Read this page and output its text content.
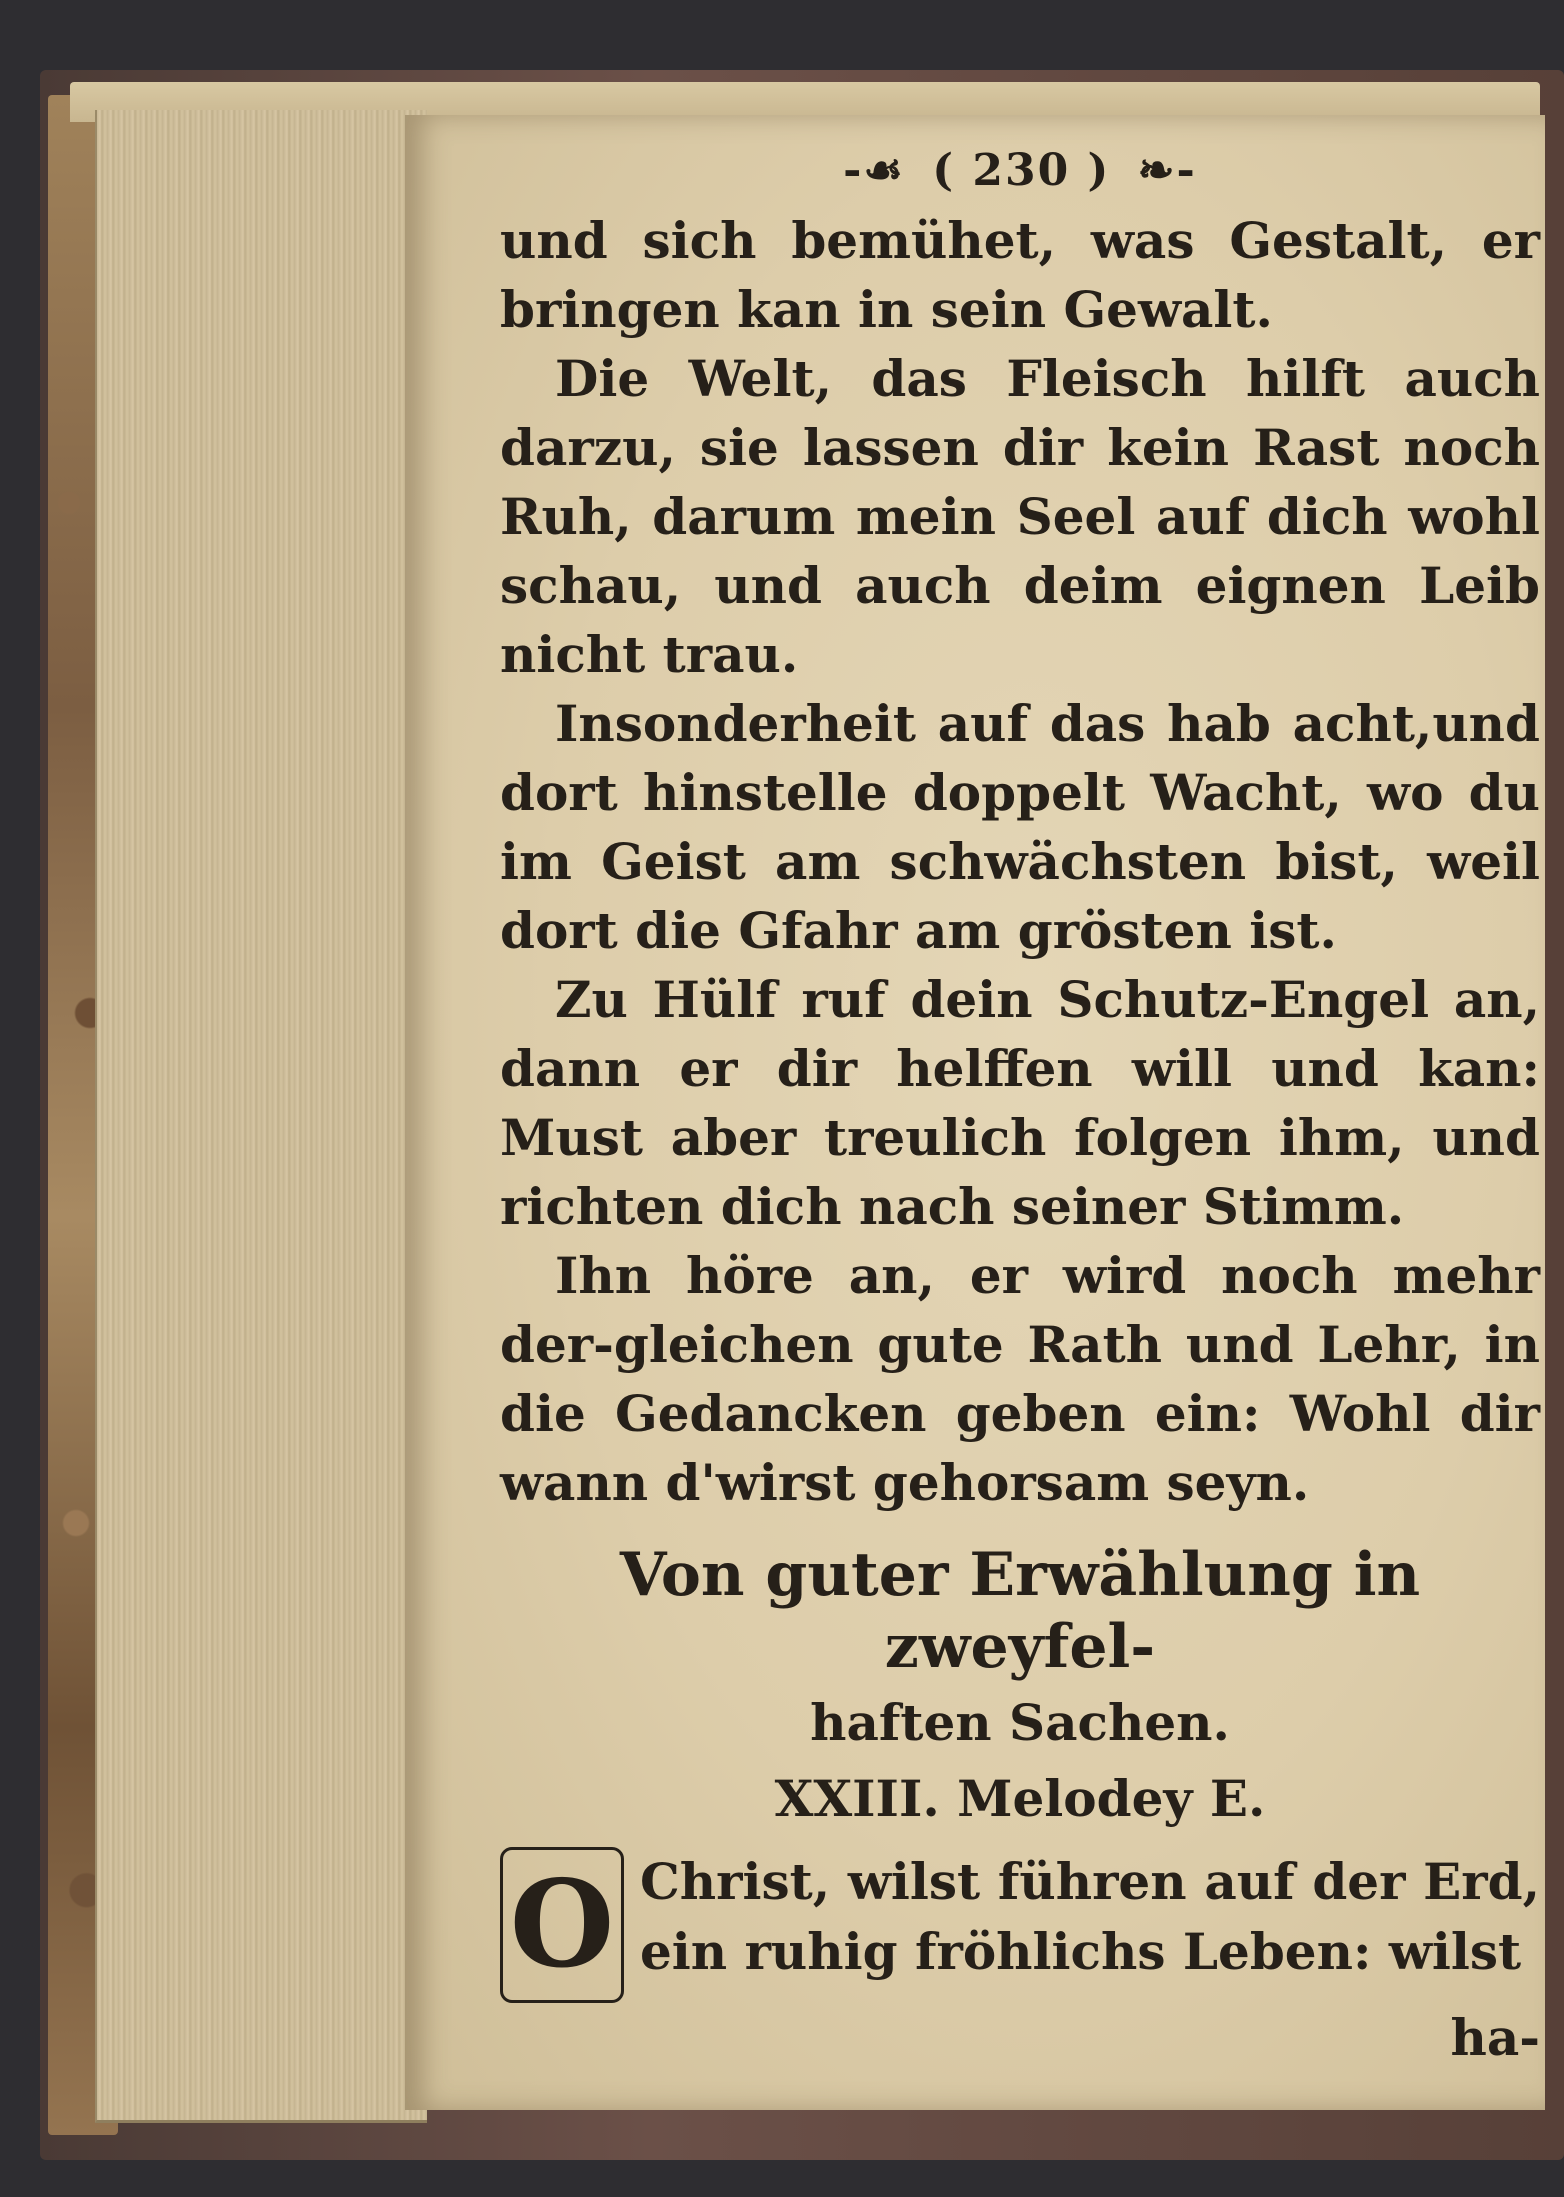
-☙ ( 230 ) ❧-

und sich bemühet, was Gestalt, er bringen kan in sein Gewalt.

Die Welt, das Fleisch hilft auch darzu, sie lassen dir kein Rast noch Ruh, darum mein Seel auf dich wohl schau, und auch deim eignen Leib nicht trau.

Insonderheit auf das hab acht,und dort hinstelle doppelt Wacht, wo du im Geist am schwächsten bist, weil dort die Gfahr am grösten ist.

Zu Hülf ruf dein Schutz-Engel an, dann er dir helffen will und kan: Must aber treulich folgen ihm, und richten dich nach seiner Stimm.

Ihn höre an, er wird noch mehr der-gleichen gute Rath und Lehr, in die Gedancken geben ein: Wohl dir wann d'wirst gehorsam seyn.

Von guter Erwählung in zweyfel-
haften Sachen.
XXIII. Melodey E.
O Christ, wilst führen auf der Erd, ein ruhig fröhlichs Leben: wilst
ha-
